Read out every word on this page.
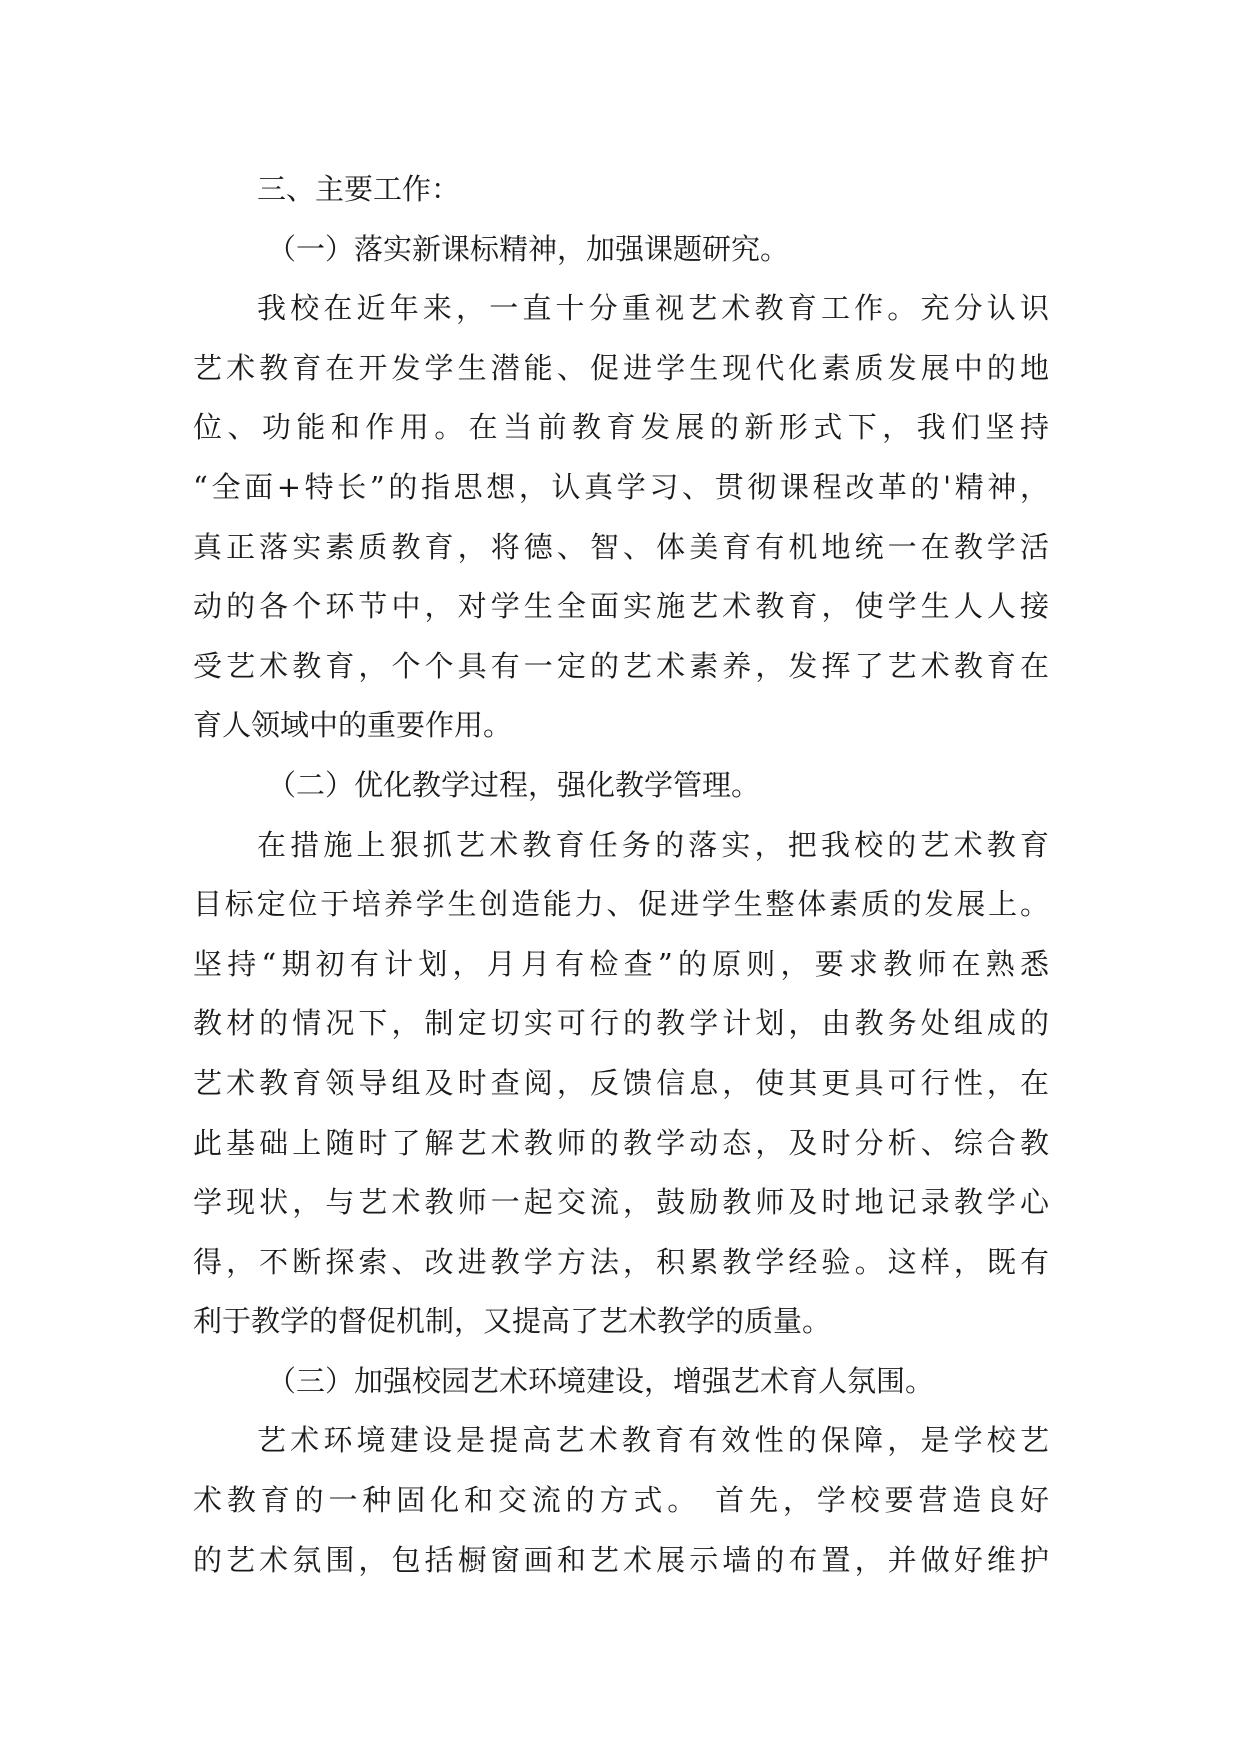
三、主要工作：
（一）落实新课标精神，加强课题研究。
我校在近年来，一直十分重视艺术教育工作。充分认识
艺术教育在开发学生潜能、促进学生现代化素质发展中的地
位、功能和作用。在当前教育发展的新形式下，我们坚持
“全面+特长”的指思想，认真学习、贯彻课程改革的'精神，
真正落实素质教育，将德、智、体美育有机地统一在教学活
动的各个环节中，对学生全面实施艺术教育，使学生人人接
受艺术教育，个个具有一定的艺术素养，发挥了艺术教育在
育人领域中的重要作用。
（二）优化教学过程，强化教学管理。
在措施上狠抓艺术教育任务的落实，把我校的艺术教育
目标定位于培养学生创造能力、促进学生整体素质的发展上。
坚持“期初有计划，月月有检查”的原则，要求教师在熟悉
教材的情况下，制定切实可行的教学计划，由教务处组成的
艺术教育领导组及时查阅，反馈信息，使其更具可行性，在
此基础上随时了解艺术教师的教学动态，及时分析、综合教
学现状，与艺术教师一起交流，鼓励教师及时地记录教学心
得，不断探索、改进教学方法，积累教学经验。这样，既有
利于教学的督促机制，又提高了艺术教学的质量。
（三）加强校园艺术环境建设，增强艺术育人氛围。
艺术环境建设是提高艺术教育有效性的保障，是学校艺
术教育的一种固化和交流的方式。 首先，学校要营造良好
的艺术氛围，包括橱窗画和艺术展示墙的布置，并做好维护
